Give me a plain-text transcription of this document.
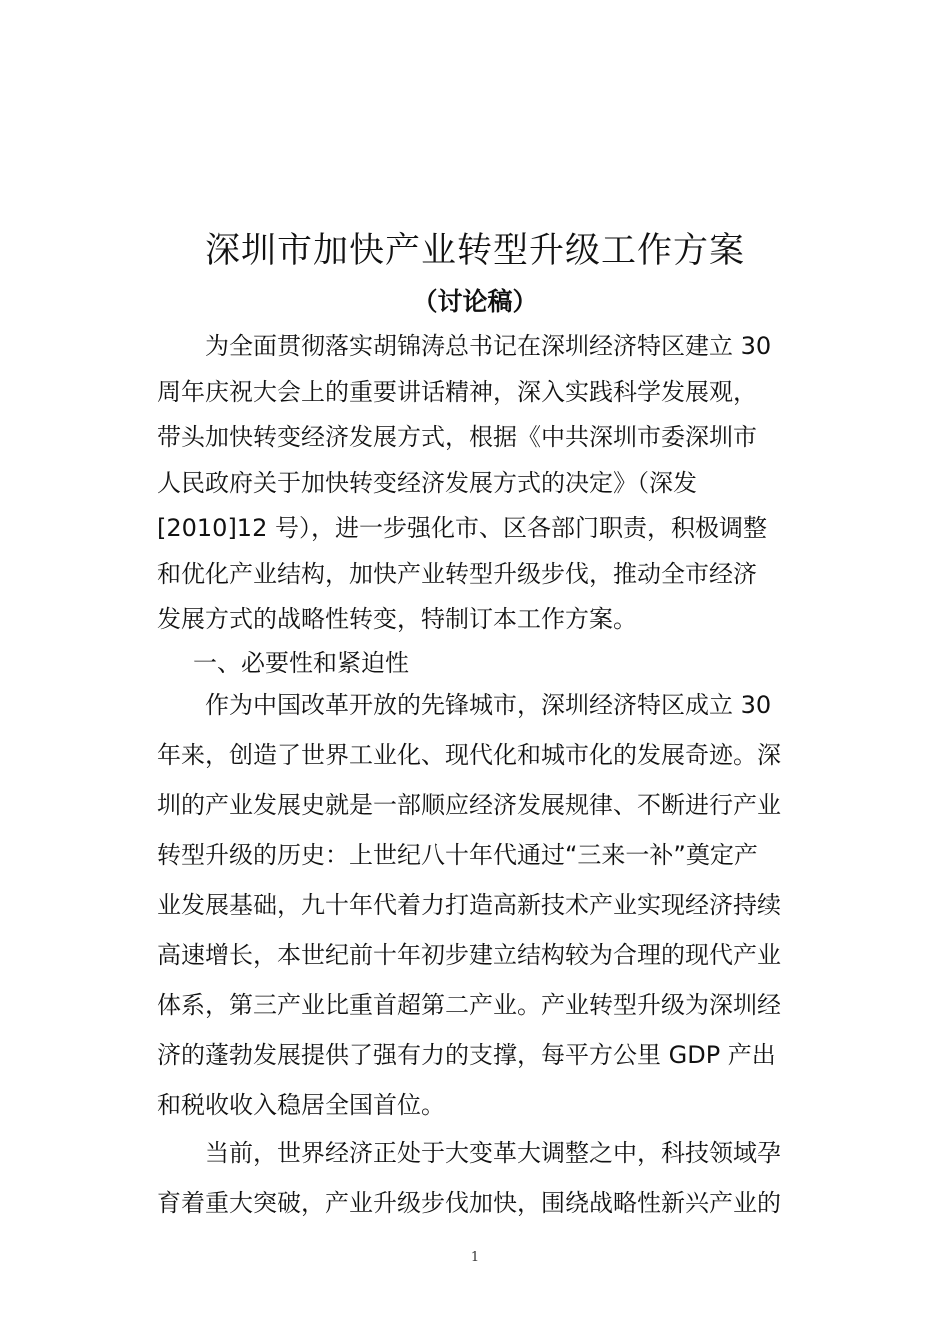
深圳市加快产业转型升级工作方案
（讨论稿）
　　为全面贯彻落实胡锦涛总书记在深圳经济特区建立 30
周年庆祝大会上的重要讲话精神，深入实践科学发展观，
带头加快转变经济发展方式，根据《中共深圳市委深圳市
人民政府关于加快转变经济发展方式的决定》（深发
[2010]12 号），进一步强化市、区各部门职责，积极调整
和优化产业结构，加快产业转型升级步伐，推动全市经济
发展方式的战略性转变，特制订本工作方案。
一、必要性和紧迫性
　　作为中国改革开放的先锋城市，深圳经济特区成立 30
年来，创造了世界工业化、现代化和城市化的发展奇迹。深
圳的产业发展史就是一部顺应经济发展规律、不断进行产业
转型升级的历史：上世纪八十年代通过“三来一补”奠定产
业发展基础，九十年代着力打造高新技术产业实现经济持续
高速增长，本世纪前十年初步建立结构较为合理的现代产业
体系，第三产业比重首超第二产业。产业转型升级为深圳经
济的蓬勃发展提供了强有力的支撑，每平方公里 GDP 产出
和税收收入稳居全国首位。
　　当前，世界经济正处于大变革大调整之中，科技领域孕
育着重大突破，产业升级步伐加快，围绕战略性新兴产业的
1
